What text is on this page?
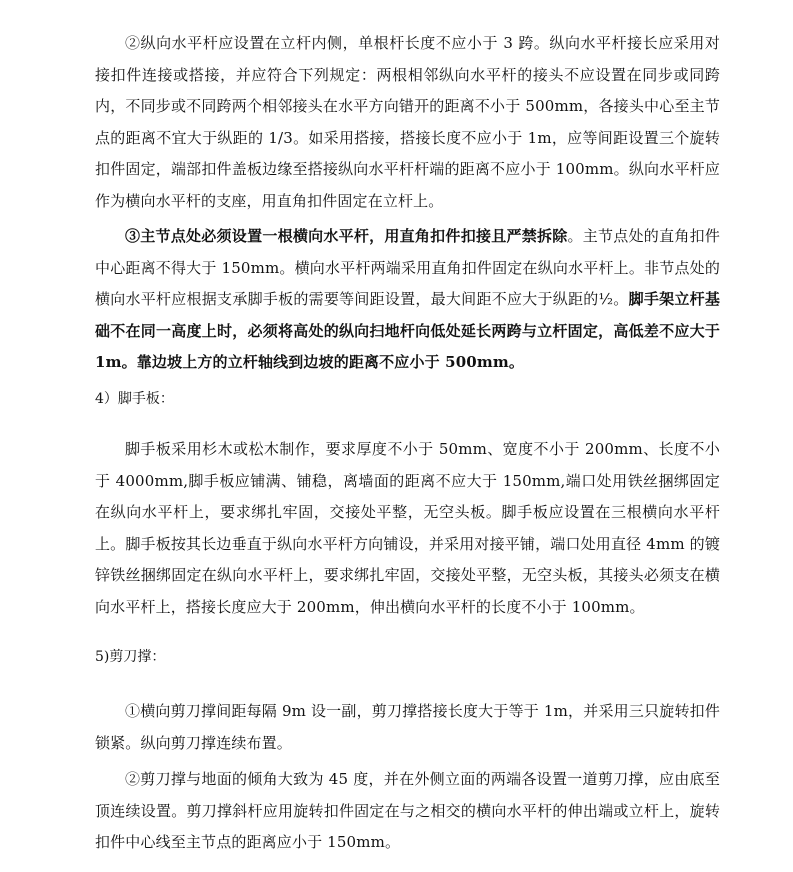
②纵向水平杆应设置在立杆内侧，单根杆长度不应小于 3 跨。纵向水平杆接长应采用对接扣件连接或搭接，并应符合下列规定：两根相邻纵向水平杆的接头不应设置在同步或同跨内，不同步或不同跨两个相邻接头在水平方向错开的距离不小于 500mm，各接头中心至主节点的距离不宜大于纵距的 1/3。如采用搭接，搭接长度不应小于 1m，应等间距设置三个旋转扣件固定，端部扣件盖板边缘至搭接纵向水平杆杆端的距离不应小于 100mm。纵向水平杆应作为横向水平杆的支座，用直角扣件固定在立杆上。

③主节点处必须设置一根横向水平杆，用直角扣件扣接且严禁拆除。主节点处的直角扣件中心距离不得大于 150mm。横向水平杆两端采用直角扣件固定在纵向水平杆上。非节点处的横向水平杆应根据支承脚手板的需要等间距设置，最大间距不应大于纵距的½。脚手架立杆基础不在同一高度上时，必须将高处的纵向扫地杆向低处延长两跨与立杆固定，高低差不应大于 1m。靠边坡上方的立杆轴线到边坡的距离不应小于 500mm。

4）脚手板：

脚手板采用杉木或松木制作，要求厚度不小于 50mm、宽度不小于 200mm、长度不小于 4000mm,脚手板应铺满、铺稳，离墙面的距离不应大于 150mm,端口处用铁丝捆绑固定在纵向水平杆上，要求绑扎牢固，交接处平整，无空头板。脚手板应设置在三根横向水平杆上。脚手板按其长边垂直于纵向水平杆方向铺设，并采用对接平铺，端口处用直径 4mm 的镀锌铁丝捆绑固定在纵向水平杆上，要求绑扎牢固，交接处平整，无空头板，其接头必须支在横向水平杆上，搭接长度应大于 200mm，伸出横向水平杆的长度不小于 100mm。

5)剪刀撑：

①横向剪刀撑间距每隔 9m 设一副，剪刀撑搭接长度大于等于 1m，并采用三只旋转扣件锁紧。纵向剪刀撑连续布置。

②剪刀撑与地面的倾角大致为 45 度，并在外侧立面的两端各设置一道剪刀撑，应由底至顶连续设置。剪刀撑斜杆应用旋转扣件固定在与之相交的横向水平杆的伸出端或立杆上，旋转扣件中心线至主节点的距离应小于 150mm。
